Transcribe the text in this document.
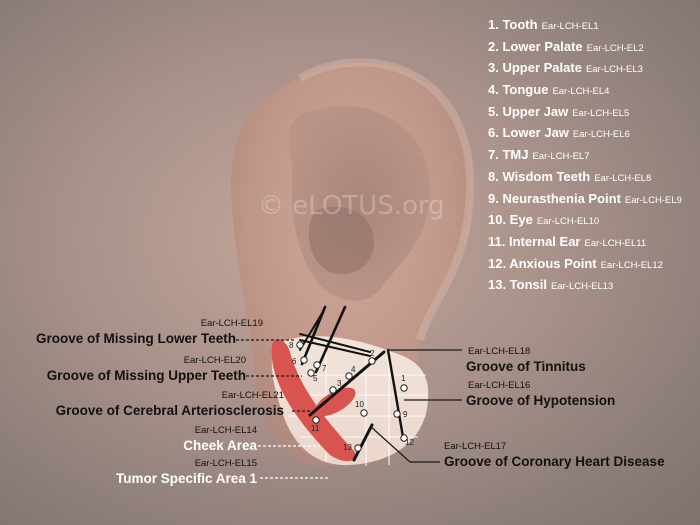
1
2
3
4
5
6
7
8
9
10
11
12
13
© eLOTUS.org
1. Tooth Ear-LCH-EL1
2. Lower Palate Ear-LCH-EL2
3. Upper Palate Ear-LCH-EL3
4. Tongue Ear-LCH-EL4
5. Upper Jaw Ear-LCH-EL5
6. Lower Jaw Ear-LCH-EL6
7. TMJ Ear-LCH-EL7
8. Wisdom Teeth Ear-LCH-EL8
9. Neurasthenia Point Ear-LCH-EL9
10. Eye Ear-LCH-EL10
11. Internal Ear Ear-LCH-EL11
12. Anxious Point Ear-LCH-EL12
13. Tonsil Ear-LCH-EL13
Ear-LCH-EL19
Groove of Missing Lower Teeth
Ear-LCH-EL20
Groove of Missing Upper Teeth
Ear-LCH-EL21
Groove of Cerebral Arteriosclerosis
Ear-LCH-EL14
Cheek Area
Ear-LCH-EL15
Tumor Specific Area 1
Ear-LCH-EL18
Groove of Tinnitus
Ear-LCH-EL16
Groove of Hypotension
Ear-LCH-EL17
Groove of Coronary Heart Disease
